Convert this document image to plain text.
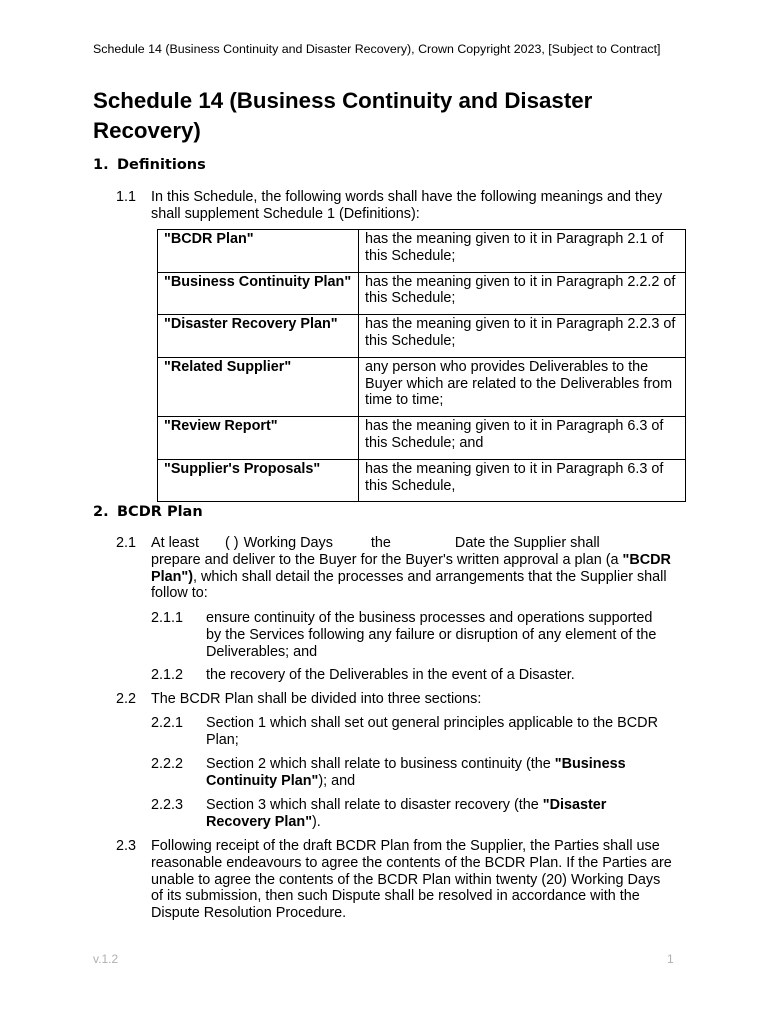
Schedule 14 (Business Continuity and Disaster Recovery), Crown Copyright 2023, [Subject to Contract]
Schedule 14 (Business Continuity and Disaster Recovery)
1. Definitions
1.1 In this Schedule, the following words shall have the following meanings and they shall supplement Schedule 1 (Definitions):
"BCDR Plan"	has the meaning given to it in Paragraph 2.1 of this Schedule;
"Business Continuity Plan"	has the meaning given to it in Paragraph 2.2.2 of this Schedule;
"Disaster Recovery Plan"	has the meaning given to it in Paragraph 2.2.3 of this Schedule;
"Related Supplier"	any person who provides Deliverables to the Buyer which are related to the Deliverables from time to time;
"Review Report"	has the meaning given to it in Paragraph 6.3 of this Schedule; and
"Supplier's Proposals"	has the meaning given to it in Paragraph 6.3 of this Schedule,
2. BCDR Plan
2.1 At least ( ) Working Days	the	Date the Supplier shall
prepare and deliver to the Buyer for the Buyer's written approval a plan (a "BCDR Plan"), which shall detail the processes and arrangements that the Supplier shall follow to:
2.1.1 ensure continuity of the business processes and operations supported by the Services following any failure or disruption of any element of the Deliverables; and
2.1.2 the recovery of the Deliverables in the event of a Disaster.
2.2 The BCDR Plan shall be divided into three sections:
2.2.1 Section 1 which shall set out general principles applicable to the BCDR Plan;
2.2.2 Section 2 which shall relate to business continuity (the "Business Continuity Plan"); and
2.2.3 Section 3 which shall relate to disaster recovery (the "Disaster Recovery Plan").
2.3 Following receipt of the draft BCDR Plan from the Supplier, the Parties shall use reasonable endeavours to agree the contents of the BCDR Plan. If the Parties are unable to agree the contents of the BCDR Plan within twenty (20) Working Days of its submission, then such Dispute shall be resolved in accordance with the Dispute Resolution Procedure.
v.1.2	1
